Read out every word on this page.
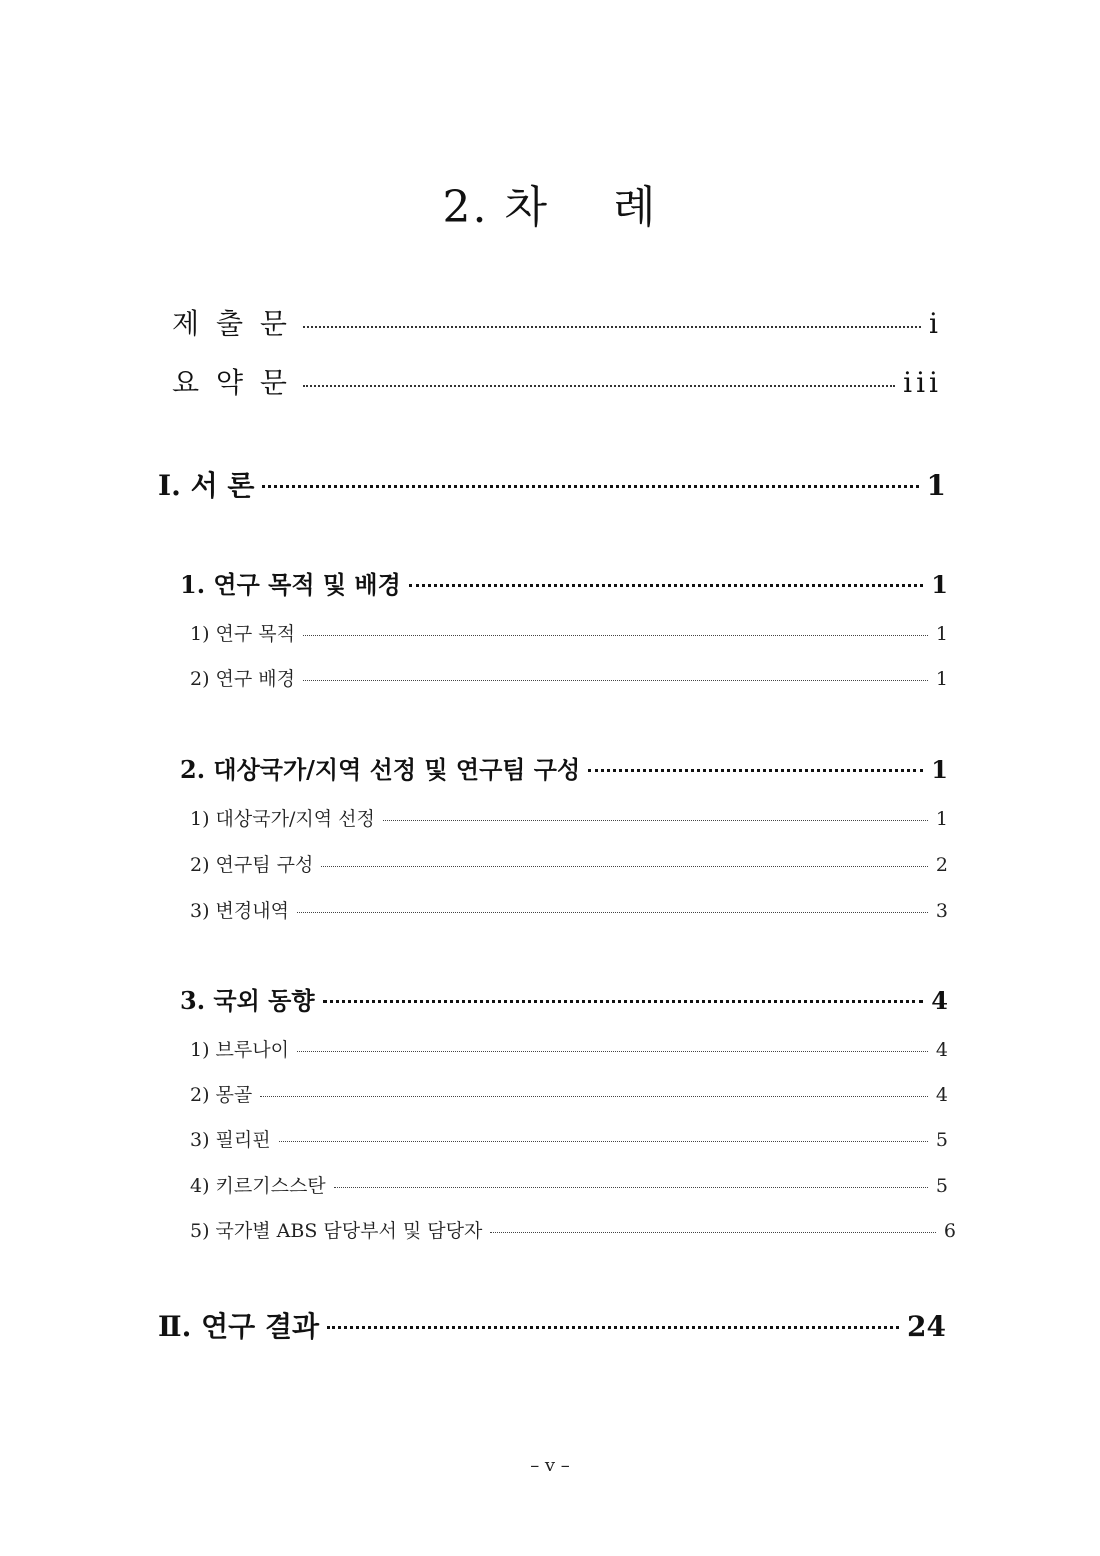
2. 차    례
제 출 문	i
요 약 문	iii
I. 서 론	1
1. 연구 목적 및 배경	1
1) 연구 목적	1
2) 연구 배경	1
2. 대상국가/지역 선정 및 연구팀 구성	1
1) 대상국가/지역 선정	1
2) 연구팀 구성	2
3) 변경내역	3
3. 국외 동향	4
1) 브루나이	4
2) 몽골	4
3) 필리핀	5
4) 키르기스스탄	5
5) 국가별 ABS 담당부서 및 담당자	6
Ⅱ. 연구 결과	24
– v –
